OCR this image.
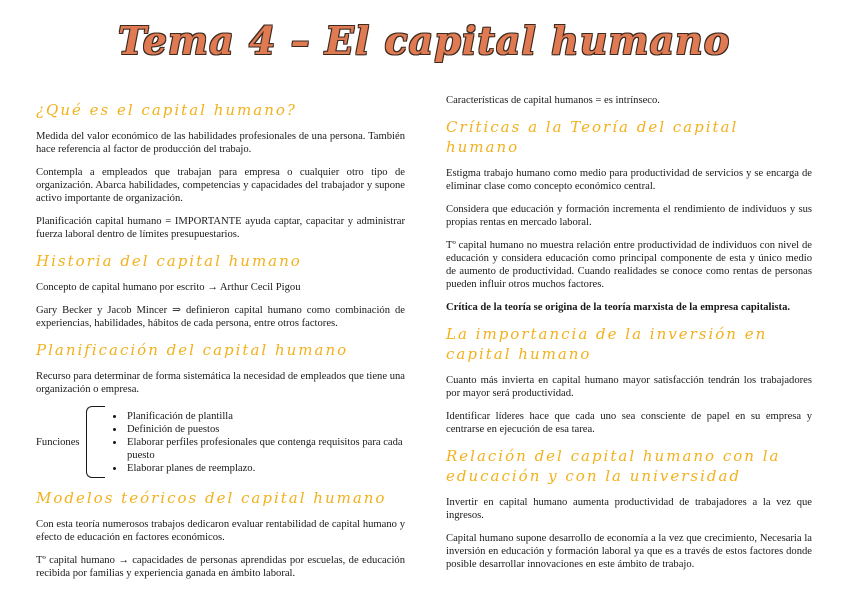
Tema 4 – El capital humano
¿Qué es el capital humano?

Medida del valor económico de las habilidades profesionales de una persona. También hace referencia al factor de producción del trabajo.

Contempla a empleados que trabajan para empresa o cualquier otro tipo de organización. Abarca habilidades, competencias y capacidades del trabajador y supone activo importante de organización.

Planificación capital humano = IMPORTANTE ayuda captar, capacitar y administrar fuerza laboral dentro de límites presupuestarios.

Historia del capital humano

Concepto de capital humano por escrito → Arthur Cecil Pigou

Gary Becker y Jacob Mincer ⇒ definieron capital humano como combinación de experiencias, habilidades, hábitos de cada persona, entre otros factores.

Planificación del capital humano

Recurso para determinar de forma sistemática la necesidad de empleados que tiene una organización o empresa.

Funciones
• Planificación de plantilla
• Definición de puestos
• Elaborar perfiles profesionales que contenga requisitos para cada puesto
• Elaborar planes de reemplazo.
Modelos teóricos del capital humano

Con esta teoría numerosos trabajos dedicaron evaluar rentabilidad de capital humano y efecto de educación en factores económicos.

Tº capital humano → capacidades de personas aprendidas por escuelas, de educación recibida por familias y experiencia ganada en ámbito laboral.

Características de capital humanos = es intrínseco.

Críticas a la Teoría del capital humano

Estigma trabajo humano como medio para productividad de servicios y se encarga de eliminar clase como concepto económico central.

Considera que educación y formación incrementa el rendimiento de individuos y sus propias rentas en mercado laboral.

Tº capital humano no muestra relación entre productividad de individuos con nivel de educación y considera educación como principal componente de esta y único medio de aumento de productividad. Cuando realidades se conoce como rentas de personas pueden influir otros muchos factores.

Crítica de la teoría se origina de la teoría marxista de la empresa capitalista.

La importancia de la inversión en capital humano

Cuanto más invierta en capital humano mayor satisfacción tendrán los trabajadores por mayor será productividad.

Identificar líderes hace que cada uno sea consciente de papel en su empresa y centrarse en ejecución de esa tarea.

Relación del capital humano con la educación y con la universidad

Invertir en capital humano aumenta productividad de trabajadores a la vez que ingresos.

Capital humano supone desarrollo de economía a la vez que crecimiento, Necesaria la inversión en educación y formación laboral ya que es a través de estos factores donde posible desarrollar innovaciones en este ámbito de trabajo.
